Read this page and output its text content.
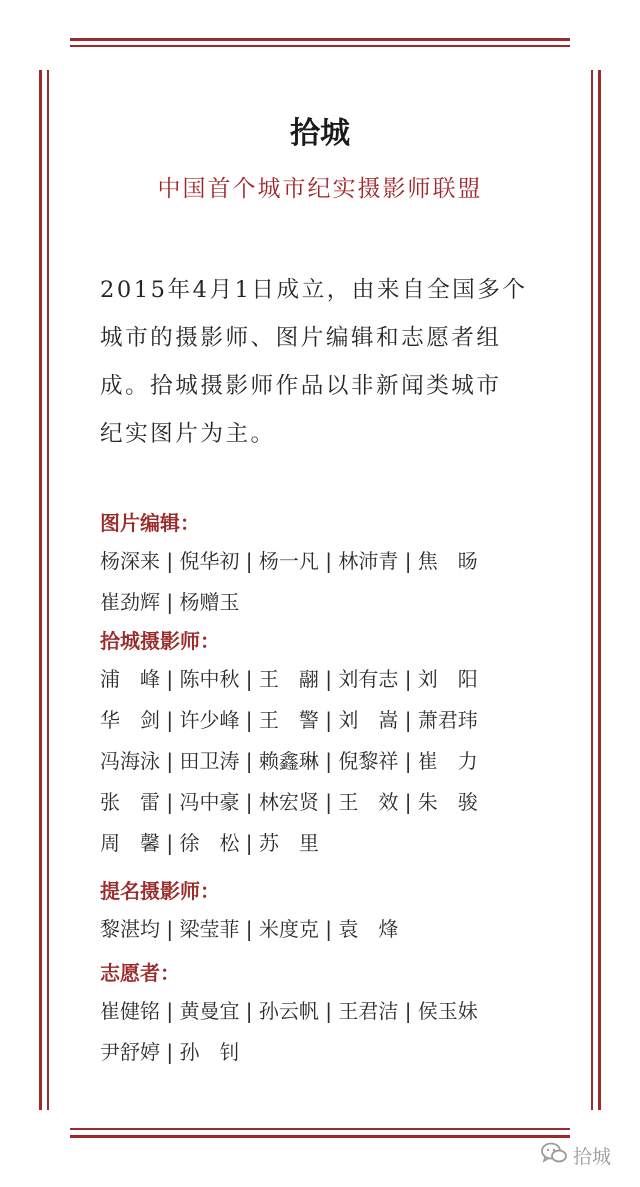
拾城
中国首个城市纪实摄影师联盟
2015年4月1日成立，由来自全国多个
城市的摄影师、图片编辑和志愿者组
成。拾城摄影师作品以非新闻类城市
纪实图片为主。
图片编辑：
杨深来 | 倪华初 | 杨一凡 | 林沛青 | 焦　旸
崔劲辉 | 杨赠玉
拾城摄影师：
浦　峰 | 陈中秋 | 王　翮 | 刘有志 | 刘　阳
华　剑 | 许少峰 | 王　警 | 刘　嵩 | 萧君玮
冯海泳 | 田卫涛 | 赖鑫琳 | 倪黎祥 | 崔　力
张　雷 | 冯中豪 | 林宏贤 | 王　效 | 朱　骏
周　馨 | 徐　松 | 苏　里
提名摄影师：
黎湛均 | 梁莹菲 | 米度克 | 袁　烽
志愿者：
崔健铭 | 黄曼宜 | 孙云帆 | 王君洁 | 侯玉妹
尹舒婷 | 孙　钊
拾城
